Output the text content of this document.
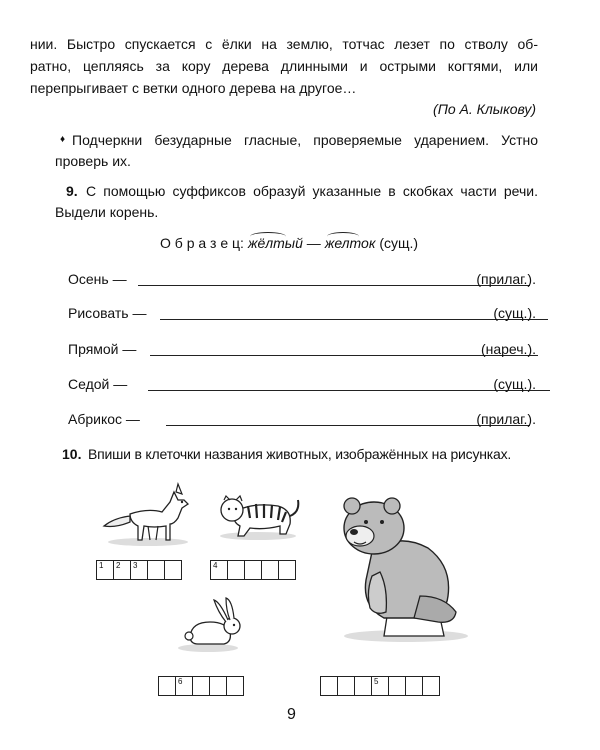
нии. Быстро спускается с ёлки на землю, тотчас лезет по стволу об-
ратно, цепляясь за кору дерева длинными и острыми когтями, или
перепрыгивает с ветки одного дерева на другое…
(По А. Клыкову)
♦ Подчеркни безударные гласные, проверяемые ударением. Устно
проверь их.
9. С помощью суффиксов образуй указанные в скобках части речи.
Выдели корень.
О б р а з е ц: жёлтый — желток (сущ.)
Осень —	(прилаг.).
Рисовать —	(сущ.).
Прямой —	(нареч.).
Седой —	(сущ.).
Абрикос —	(прилаг.).
10. Впиши в клеточки названия животных, изображённых на рисунках.
1	2	3	4
6	5
9
